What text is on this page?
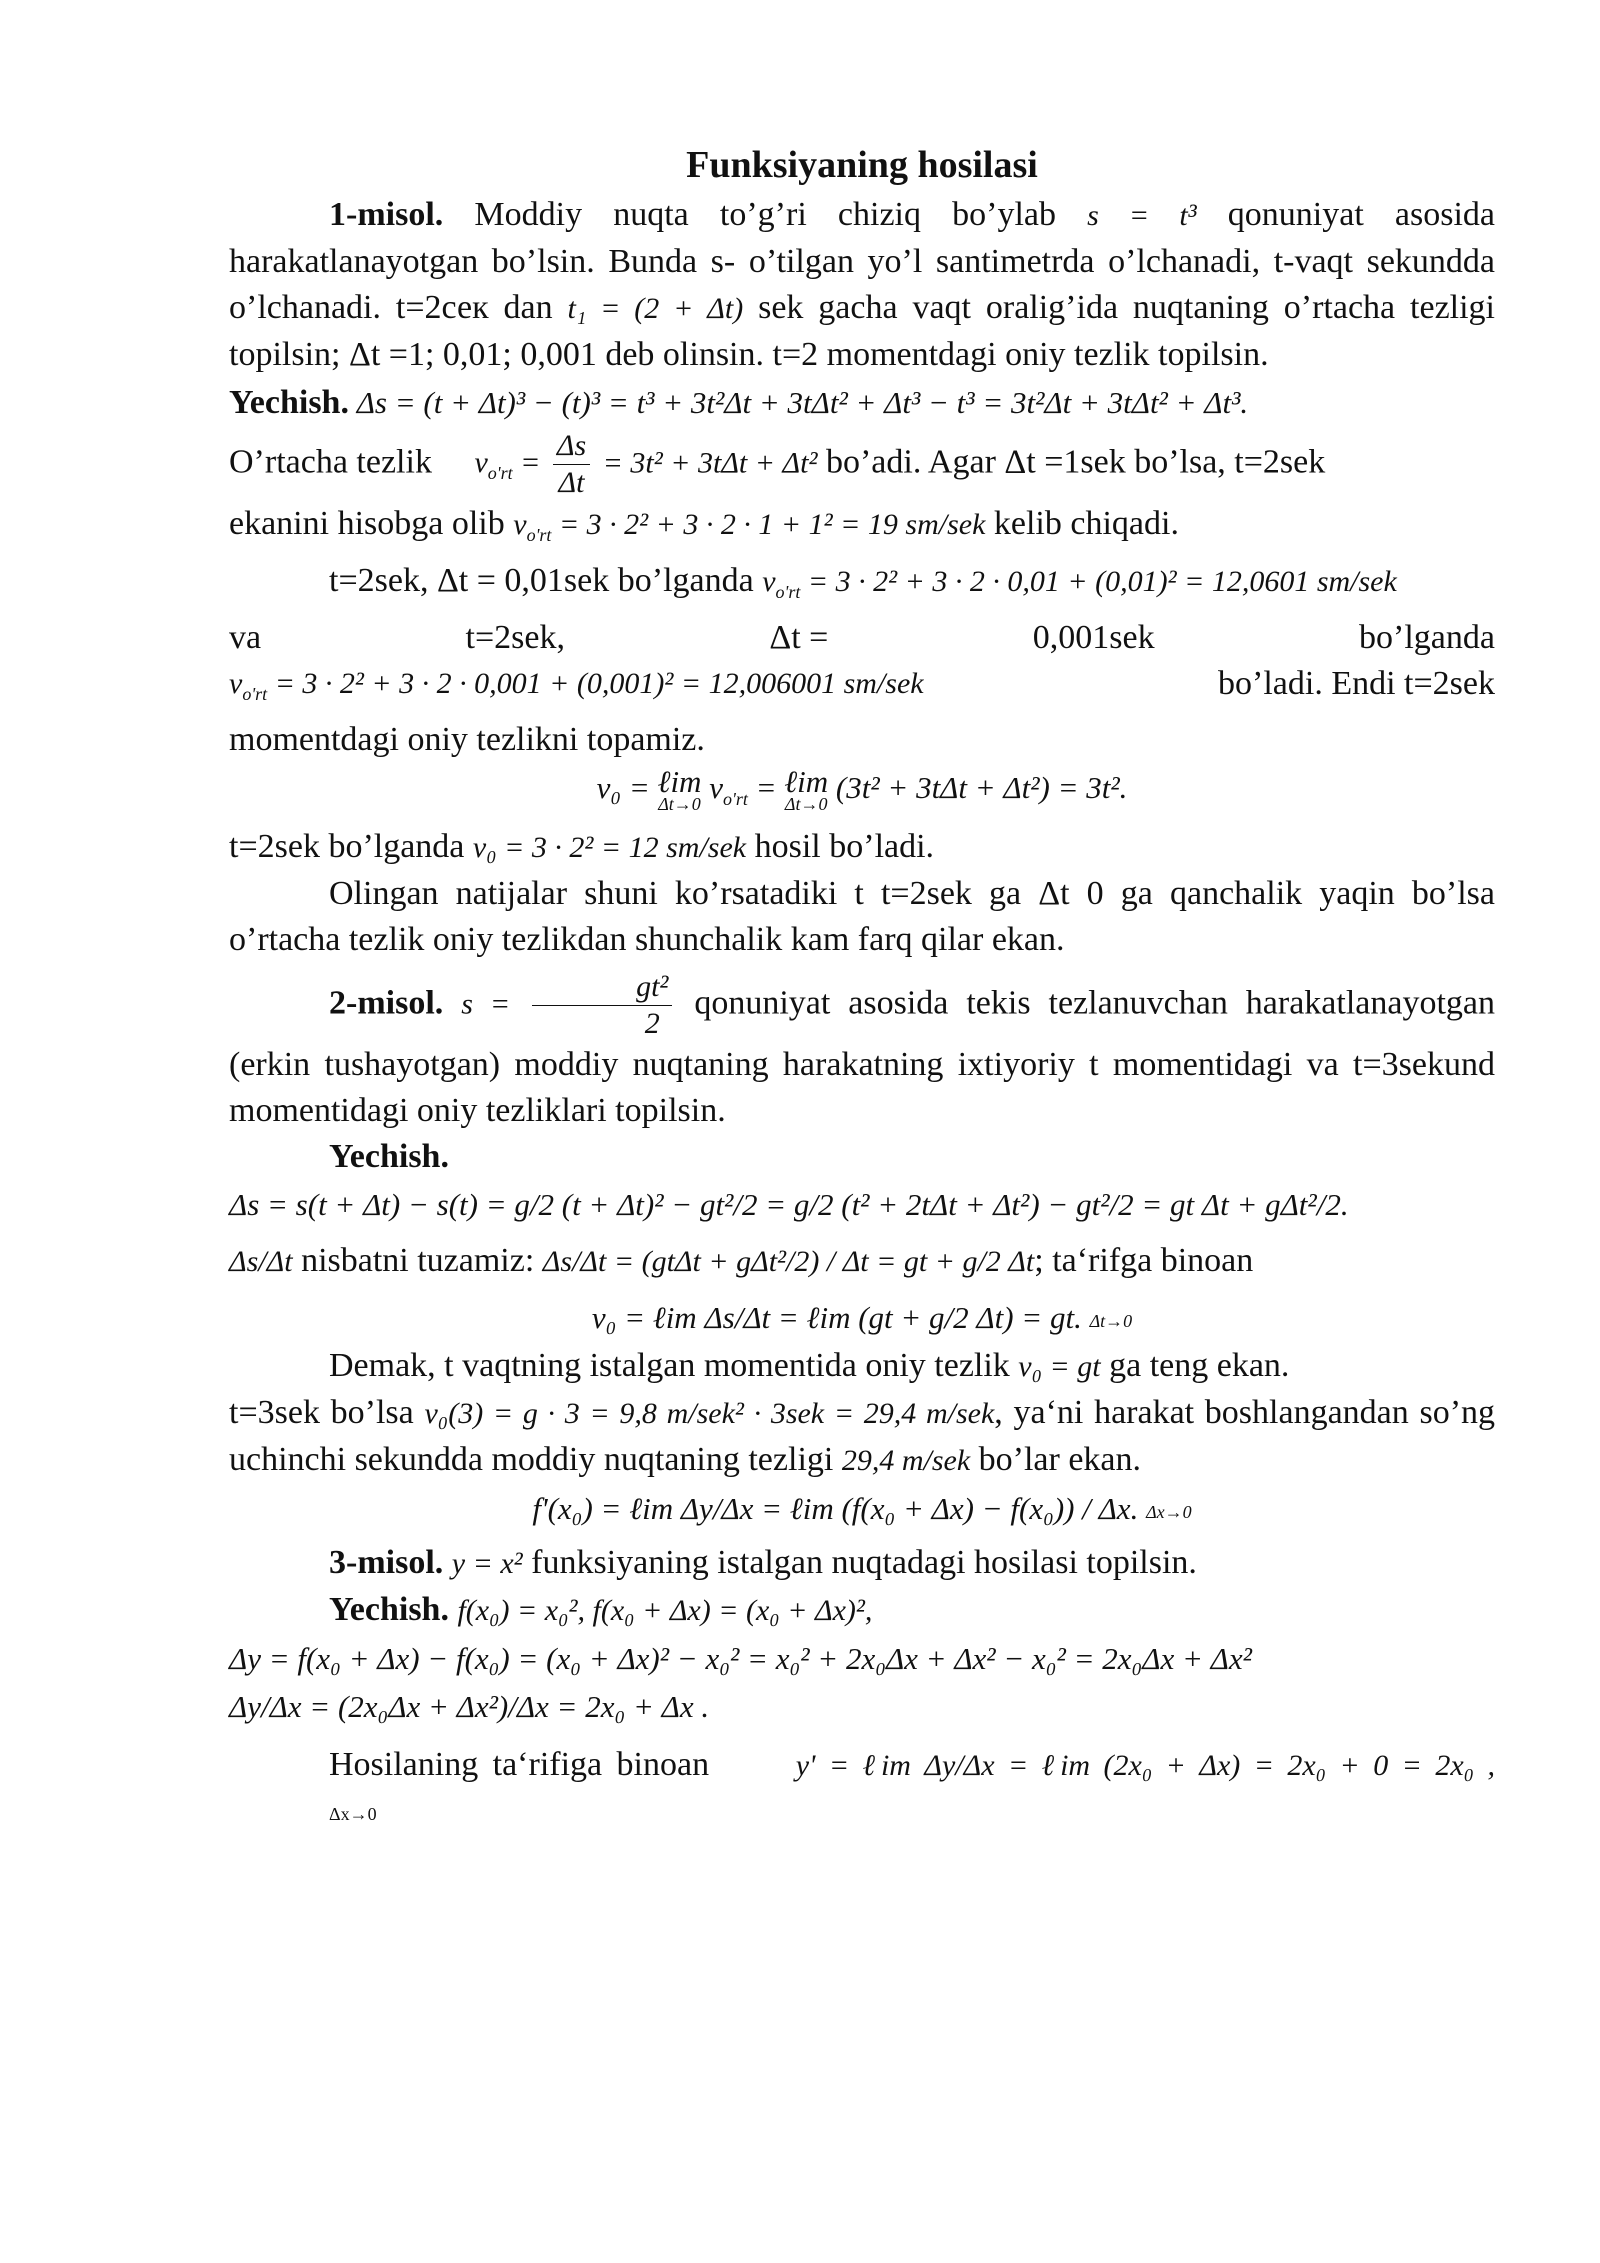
Funksiyaning hosilasi

1-misol. Moddiy nuqta to’g’ri chiziq bo’ylab s = t³ qonuniyat asosida harakatlanayotgan bo’lsin. Bunda s- o’tilgan yo’l santimetrda o’lchanadi, t-vaqt sekundda o’lchanadi. t=2сек dan t₁ = (2 + Δt) sek gacha vaqt oralig’ida nuqtaning o’rtacha tezligi topilsin; Δt =1; 0,01; 0,001 deb olinsin. t=2 momentdagi oniy tezlik topilsin.

Yechish. Δs = (t + Δt)³ − (t)³ = t³ + 3t²Δt + 3tΔt² + Δt³ − t³ = 3t²Δt + 3tΔt² + Δt³.
O’rtacha tezlik $v_{o'rt} = \frac{\Delta s}{\Delta t} = 3t^2 + 3t\Delta t + \Delta t^2$ bo’adi. Agar Δt =1sek bo’lsa, t=2sek
ekanini hisobga olib $v_{o'rt} = 3 \cdot 2^2 + 3 \cdot 2 \cdot 1 + 1^2 = 19$ sm/sek kelib chiqadi.
t=2sek, Δt = 0,01sek bo’lganda $v_{o'rt} = 3 \cdot 2^2 + 3 \cdot 2 \cdot 0,01 + (0,01)^2 = 12,0601$ sm/sek
va	t=2sek,	Δt =	0,001sek	bo’lganda
$v_{o'rt} = 3 \cdot 2^2 + 3 \cdot 2 \cdot 0,001 + (0,001)^2 = 12,006001$ sm/sek	bo’ladi. Endi t=2sek
momentdagi oniy tezlikni topamiz.
v₀ = ℓim
Δt→0 $v_{o'rt}$ = ℓim
Δt→0 (3t² + 3tΔt + Δt²) = 3t².
t=2sek bo’lganda v₀ = 3 · 2² = 12 sm/sek hosil bo’ladi.

Olingan natijalar shuni ko’rsatadiki t t=2sek ga Δt 0 ga qanchalik yaqin bo’lsa o’rtacha tezlik oniy tezlikdan shunchalik kam farq qilar ekan.

2-misol. $s = \frac{\text{gt²}}{2}$ qonuniyat asosida tekis tezlanuvchan harakatlanayotgan (erkin tushayotgan) moddiy nuqtaning harakatning ixtiyoriy t momentidagi va t=3sekund momentidagi oniy tezliklari topilsin.

Yechish.
Δs = s(t + Δt) − s(t) = g/2 (t + Δt)² − gt²/2 = g/2 (t² + 2tΔt + Δt²) − gt²/2 = gt Δt + gΔt²/2.
Δs/Δt nisbatni tuzamiz: Δs/Δt = (gtΔt + gΔt²/2) / Δt = gt + g/2 Δt; ta‘rifga binoan
v₀ = ℓim Δs/Δt = ℓim (gt + g/2 Δt) = gt. Δt→0
Demak, t vaqtning istalgan momentida oniy tezlik v₀ = gt ga teng ekan.

t=3sek bo’lsa v₀(3) = g · 3 = 9,8 m/sek² · 3sek = 29,4 m/sek, ya‘ni harakat boshlangandan so’ng uchinchi sekundda moddiy nuqtaning tezligi 29,4 m/sek bo’lar ekan.

f'(x₀) = ℓim Δy/Δx = ℓim (f(x₀ + Δx) − f(x₀)) / Δx. Δx→0
3-misol. y = x² funksiyaning istalgan nuqtadagi hosilasi topilsin.
Yechish. f(x₀) = x₀², f(x₀ + Δx) = (x₀ + Δx)²,
Δy = f(x₀ + Δx) − f(x₀) = (x₀ + Δx)² − x₀² = x₀² + 2x₀Δx + Δx² − x₀² = 2x₀Δx + Δx²
Δy/Δx = (2x₀Δx + Δx²)/Δx = 2x₀ + Δx .
Hosilaning ta‘rifiga binoan	y' = ℓim Δy/Δx = ℓim (2x₀ + Δx) = 2x₀ + 0 = 2x₀ ,
Δx→0
